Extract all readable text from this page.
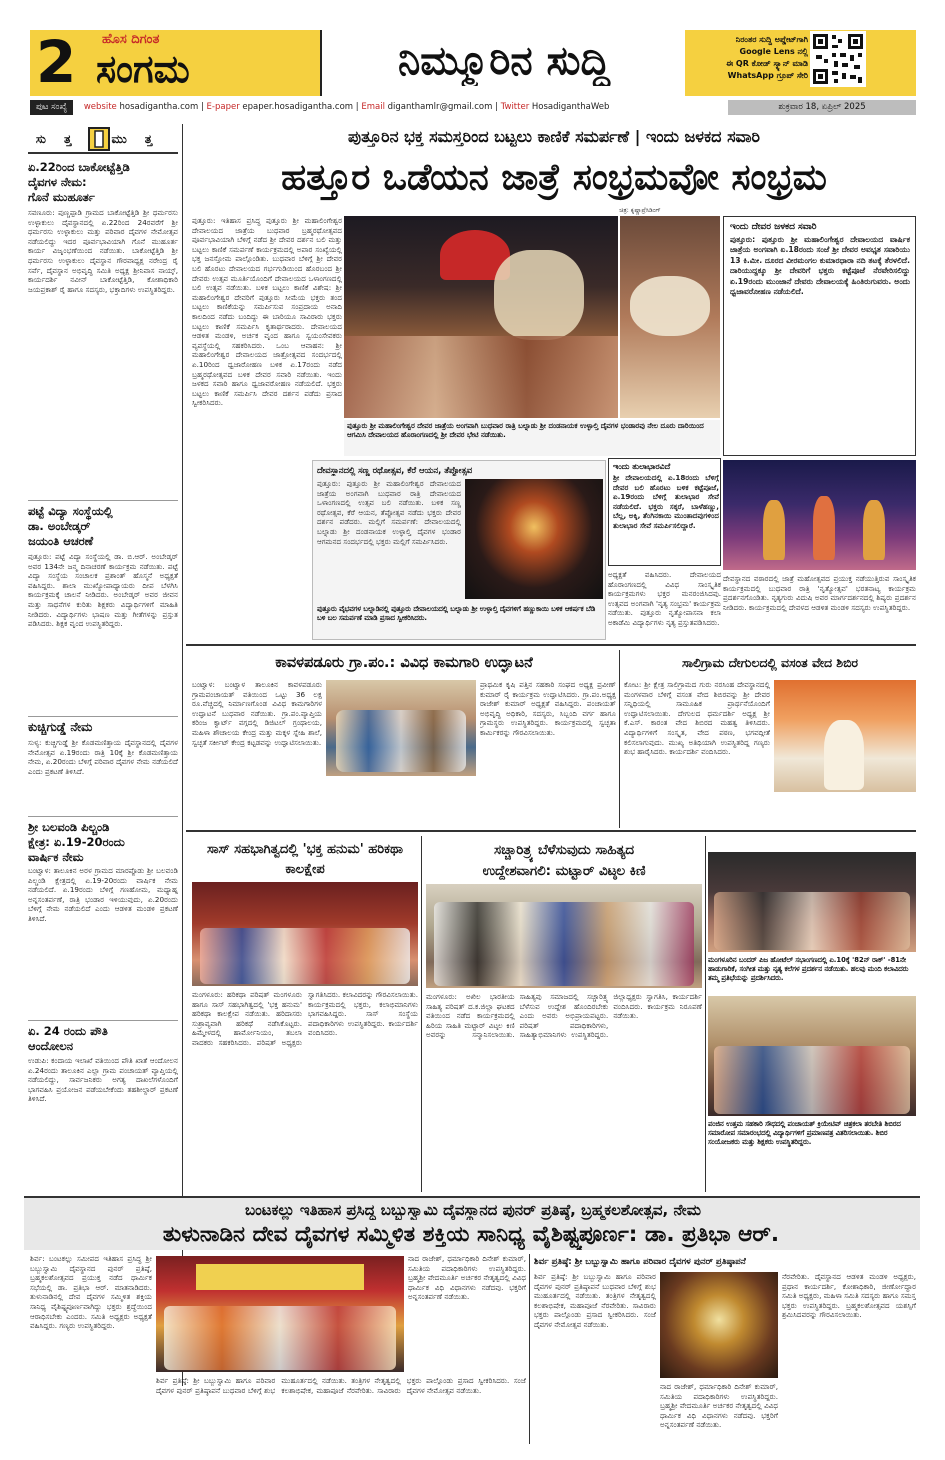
2 ಹೊಸ ದಿಗಂತ
ಸಂಗಮ	ನಿಮ್ಮೂರಿನ ಸುದ್ದಿ	ನಿರಂತರ ಸುದ್ದಿ ಅಪ್ಡೇಟ್‌ಗಾಗಿ
Google Lens ನಲ್ಲಿ
ಈ QR ಕೋಡ್ ಸ್ಕ್ಯಾನ್ ಮಾಡಿ
WhatsApp ಗ್ರೂಪ್ ಸೇರಿ
ಪುಟ ಸಂಖ್ಯೆ website hosadigantha.com | E-paper epaper.hosadigantha.com | Email diganthamlr@gmail.com | Twitter HosadiganthaWeb	ಶುಕ್ರವಾರ 18, ಏಪ್ರಿಲ್ 2025
ಸುತ್ತ ಮುತ್ತ
ಏ.22ರಿಂದ ಬಾಕೋಟ್ಟೆತ್ತಿಡಿ
ದೈವಗಳ ನೇಮ:
ಗೊನೆ ಮುಹೂರ್ತ
ಸವಣೂರು: ಪುಣ್ಚಪ್ಪಾಡಿ ಗ್ರಾಮದ ಬಾಕೋಟ್ಟೆತ್ತಿಡಿ ಶ್ರೀ ಧರ್ಮರಸು ಉಳ್ಳಾಕುಲು ದೈವಸ್ಥಾನದಲ್ಲಿ ಏ.22ರಿಂದ 24ರವರೆಗೆ ಶ್ರೀ ಧರ್ಮರಸು ಉಳ್ಳಾಕುಲು ಮತ್ತು ಪರಿವಾರ ದೈವಗಳ ನೇಮೋತ್ಸವ ನಡೆಯಲಿದ್ದು ಇದರ ಪೂರ್ವಭಾವಿಯಾಗಿ ಗೊನೆ ಮುಹೂರ್ತ ಕಾರ್ಯ ವಿಜೃಂಭಣೆಯಿಂದ ನಡೆಯಿತು. ಬಾಕೋಟ್ಟೆತ್ತಿಡಿ ಶ್ರೀ ಧರ್ಮರಸು ಉಳ್ಳಾಕುಲು ದೈವಸ್ಥಾನ ಗೌರವಾಧ್ಯಕ್ಷ ನರೇಂದ್ರ ರೈ ಸರ್ವೆ, ದೈವಸ್ಥಾನ ಅಭಿವೃದ್ಧಿ ಸಮಿತಿ ಅಧ್ಯಕ್ಷ ಶ್ರೀನಿವಾಸ ನಾಯ್ಕ್, ಕಾರ್ಯದರ್ಶಿ ನವೀನ್ ಬಾಕೋಟ್ಟೆತ್ತಿಡಿ, ಕೋಶಾಧಿಕಾರಿ ಜಯಪ್ರಕಾಶ್ ರೈ ಹಾಗೂ ಸದಸ್ಯರು, ಭಕ್ತಾದಿಗಳು ಉಪಸ್ಥಿತರಿದ್ದರು.
ಪಟ್ಟೆ ವಿದ್ಯಾ ಸಂಸ್ಥೆಯಲ್ಲಿ
ಡಾ. ಅಂಬೇಡ್ಕರ್
ಜಯಂತಿ ಆಚರಣೆ
ಪುತ್ತೂರು: ಪಟ್ಟೆ ವಿದ್ಯಾ ಸಂಸ್ಥೆಯಲ್ಲಿ ಡಾ. ಬಿ.ಆರ್. ಅಂಬೇಡ್ಕರ್ ಅವರ 134ನೇ ಜನ್ಮ ದಿನಾಚರಣೆ ಕಾರ್ಯಕ್ರಮ ನಡೆಯಿತು. ಪಟ್ಟೆ ವಿದ್ಯಾ ಸಂಸ್ಥೆಯ ಸಂಚಾಲಕ ಪ್ರಶಾಂತ್ ಹೊಸ್ಮನೆ ಅಧ್ಯಕ್ಷತೆ ವಹಿಸಿದ್ದರು. ಶಾಲಾ ಮುಖ್ಯೋಪಾಧ್ಯಾಯರು ದೀಪ ಬೆಳಗಿಸಿ ಕಾರ್ಯಕ್ರಮಕ್ಕೆ ಚಾಲನೆ ನೀಡಿದರು. ಅಂಬೇಡ್ಕರ್ ಅವರ ಜೀವನ ಮತ್ತು ಸಾಧನೆಗಳ ಕುರಿತು ಶಿಕ್ಷಕರು ವಿದ್ಯಾರ್ಥಿಗಳಿಗೆ ಮಾಹಿತಿ ನೀಡಿದರು. ವಿದ್ಯಾರ್ಥಿಗಳು ಭಾಷಣ ಮತ್ತು ಗೀತೆಗಳನ್ನು ಪ್ರಸ್ತುತ ಪಡಿಸಿದರು. ಶಿಕ್ಷಕ ವೃಂದ ಉಪಸ್ಥಿತರಿದ್ದರು.
ಕುಚ್ಚಿಗುಡ್ಡೆ ನೇಮ
ಸುಳ್ಯ: ಕುಚ್ಚಿಗುಡ್ಡೆ ಶ್ರೀ ಕೊಡಮಣಿತ್ತಾಯ ದೈವಸ್ಥಾನದಲ್ಲಿ ದೈವಗಳ ನೇಮೋತ್ಸವ ಏ.19ರಂದು ರಾತ್ರಿ 10ಕ್ಕೆ ಶ್ರೀ ಕೊಡಮಣಿತ್ತಾಯ ನೇಮ, ಏ.20ರಂದು ಬೆಳಿಗ್ಗೆ ಪರಿವಾರ ದೈವಗಳ ನೇಮ ನಡೆಯಲಿದೆ ಎಂದು ಪ್ರಕಟಣೆ ತಿಳಿಸಿದೆ.
ಶ್ರೀ ಬಲವಂಡಿ ಪಿಲ್ಚಂಡಿ
ಕ್ಷೇತ್ರ: ಏ.19-20ರಂದು
ವಾರ್ಷಿಕ ನೇಮ
ಬಂಟ್ವಾಳ: ತಾಲೂಕಿನ ಅರಳ ಗ್ರಾಮದ ಮಾರಪ್ಪೊಡು ಶ್ರೀ ಬಲವಂಡಿ ಪಿಲ್ಚಂಡಿ ಕ್ಷೇತ್ರದಲ್ಲಿ ಏ.19-20ರಂದು ವಾರ್ಷಿಕ ನೇಮ ನಡೆಯಲಿದೆ. ಏ.19ರಂದು ಬೆಳಿಗ್ಗೆ ಗಣಹೋಮ, ಮಧ್ಯಾಹ್ನ ಅನ್ನಸಂತರ್ಪಣೆ, ರಾತ್ರಿ ಭಂಡಾರ ಇಳಿಯುವುದು, ಏ.20ರಂದು ಬೆಳಿಗ್ಗೆ ನೇಮ ನಡೆಯಲಿದೆ ಎಂದು ಆಡಳಿತ ಮಂಡಳಿ ಪ್ರಕಟಣೆ ತಿಳಿಸಿದೆ.
ಏ. 24 ರಂದು ಪೌತಿ
ಆಂದೋಲನ
ಉಡುಪಿ: ಕಂದಾಯ ಇಲಾಖೆ ವತಿಯಿಂದ ಪೌತಿ ಖಾತೆ ಆಂದೋಲನ ಏ.24ರಂದು ತಾಲೂಕಿನ ಎಲ್ಲಾ ಗ್ರಾಮ ಪಂಚಾಯತ್ ವ್ಯಾಪ್ತಿಯಲ್ಲಿ ನಡೆಯಲಿದ್ದು, ಸಾರ್ವಜನಿಕರು ಅಗತ್ಯ ದಾಖಲೆಗಳೊಂದಿಗೆ ಭಾಗವಹಿಸಿ ಪ್ರಯೋಜನ ಪಡೆಯಬೇಕೆಂದು ತಹಶೀಲ್ದಾರ್ ಪ್ರಕಟಣೆ ತಿಳಿಸಿದೆ.
ಪುತ್ತೂರಿನ ಭಕ್ತ ಸಮಸ್ತರಿಂದ ಬಟ್ಟಲು ಕಾಣಿಕೆ ಸಮರ್ಪಣೆ | ಇಂದು ಜಳಕದ ಸವಾರಿ
ಹತ್ತೂರ ಒಡೆಯನ ಜಾತ್ರೆ ಸಂಭ್ರಮವೋ ಸಂಭ್ರಮ
ಚಿತ್ರ: ಕೃಷ್ಣಾಪ್ರೆಸಿಡಿಂಗ್
ಪುತ್ತೂರು: ಇತಿಹಾಸ ಪ್ರಸಿದ್ಧ ಪುತ್ತೂರು ಶ್ರೀ ಮಹಾಲಿಂಗೇಶ್ವರ ದೇವಾಲಯದ ಜಾತ್ರೆಯ ಬುಧವಾರ ಬ್ರಹ್ಮರಥೋತ್ಸವದ ಪೂರ್ವಭಾವಿಯಾಗಿ ಬೆಳಿಗ್ಗೆ ನಡೆದ ಶ್ರೀ ದೇವರ ದರ್ಶನ ಬಲಿ ಮತ್ತು ಬಟ್ಟಲು ಕಾಣಿಕೆ ಸಮರ್ಪಣೆ ಕಾರ್ಯಕ್ರಮದಲ್ಲಿ ಅಪಾರ ಸಂಖ್ಯೆಯಲ್ಲಿ ಭಕ್ತ ಜನಸ್ತೋಮ ಪಾಲ್ಗೊಂಡಿತು. ಬುಧವಾರ ಬೆಳಿಗ್ಗೆ ಶ್ರೀ ದೇವರ ಬಲಿ ಹೊರಟು ದೇವಾಲಯದ ಗರ್ಭಗುಡಿಯಿಂದ ಹೊರಬಂದ ಶ್ರೀ ದೇವರು ಉತ್ಸವ ಮೂರ್ತಿಯೊಂದಿಗೆ ದೇವಾಲಯದ ಒಳಾಂಗಣದಲ್ಲಿ ಬಲಿ ಉತ್ಸವ ನಡೆಯಿತು. ಬಳಿಕ ಬಟ್ಟಲು ಕಾಣಿಕೆ ವಿಶೇಷ: ಶ್ರೀ ಮಹಾಲಿಂಗೇಶ್ವರ ದೇವರಿಗೆ ಪುತ್ತೂರು ಸೀಮೆಯ ಭಕ್ತರು ತಂದ ಬಟ್ಟಲು ಕಾಣಿಕೆಯನ್ನು ಸಮರ್ಪಿಸುವ ಸಂಪ್ರದಾಯ ಅನಾದಿ ಕಾಲದಿಂದ ನಡೆದು ಬಂದಿದ್ದು ಈ ಬಾರಿಯೂ ಸಾವಿರಾರು ಭಕ್ತರು ಬಟ್ಟಲು ಕಾಣಿಕೆ ಸಮರ್ಪಿಸಿ ಕೃತಾರ್ಥರಾದರು. ದೇವಾಲಯದ ಆಡಳಿತ ಮಂಡಳಿ, ಅರ್ಚಕ ವೃಂದ ಹಾಗೂ ಸ್ವಯಂಸೇವಕರು ವ್ಯವಸ್ಥೆಯಲ್ಲಿ ಸಹಕರಿಸಿದರು. ಒಂಬ ಆವಾಹನ: ಶ್ರೀ ಮಹಾಲಿಂಗೇಶ್ವರ ದೇವಾಲಯದ ಜಾತ್ರೋತ್ಸವದ ಸಂದರ್ಭದಲ್ಲಿ ಏ.10ರಿಂದ ಧ್ವಜಾರೋಹಣ ಬಳಿಕ ಏ.17ರಂದು ನಡೆದ ಬ್ರಹ್ಮರಥೋತ್ಸವದ ಬಳಿಕ ದೇವರ ಸವಾರಿ ನಡೆಯಿತು. ಇಂದು ಜಳಕದ ಸವಾರಿ ಹಾಗೂ ಧ್ವಜಾವರೋಹಣ ನಡೆಯಲಿದೆ. ಭಕ್ತರು ಬಟ್ಟಲು ಕಾಣಿಕೆ ಸಮರ್ಪಿಸಿ ದೇವರ ದರ್ಶನ ಪಡೆದು ಪ್ರಸಾದ ಸ್ವೀಕರಿಸಿದರು.
ಪುತ್ತೂರು ಶ್ರೀ ಮಹಾಲಿಂಗೇಶ್ವರ ದೇವರ ಜಾತ್ರೆಯ ಅಂಗವಾಗಿ ಬುಧವಾರ ರಾತ್ರಿ ಬಲ್ನಾಡು ಶ್ರೀ ದಂಡನಾಯಕ ಉಳ್ಳಾಲ್ತಿ ದೈವಗಳ ಭಂಡಾರವು ನೇಲ ದೂರು ದಾರಿಯಿಂದ ಆಗಮಿಸಿ ದೇವಾಲಯದ ಹೊರಾಂಗಣದಲ್ಲಿ ಶ್ರೀ ದೇವರ ಭೇಟಿ ನಡೆಯಿತು.
ಇಂದು ದೇವರ ಜಳಕದ ಸವಾರಿ
ಪುತ್ತೂರು: ಪುತ್ತೂರು ಶ್ರೀ ಮಹಾಲಿಂಗೇಶ್ವರ ದೇವಾಲಯದ ವಾರ್ಷಿಕ ಜಾತ್ರೆಯ ಅಂಗವಾಗಿ ಏ.18ರಂದು ಸಂಜೆ ಶ್ರೀ ದೇವರ ಅವಭೃತ ಸವಾರಿಯು 13 ಕಿ.ಮೀ. ದೂರದ ವೀರಮಂಗಲ ಕುಮಾರಧಾರಾ ನದಿ ತಟಕ್ಕೆ ತೆರಳಲಿದೆ. ದಾರಿಯುದ್ದಕ್ಕೂ ಶ್ರೀ ದೇವರಿಗೆ ಭಕ್ತರು ಕಟ್ಟೆಪೂಜೆ ನೆರವೇರಿಸಲಿದ್ದು ಏ.19ರಂದು ಮುಂಜಾನೆ ದೇವರು ದೇವಾಲಯಕ್ಕೆ ಹಿಂತಿರುಗುವರು. ಅಂದು ಧ್ವಜಾವರೋಹಣ ನಡೆಯಲಿದೆ.
ದೇವಸ್ಥಾನದಲ್ಲಿ ಸಣ್ಣ ರಥೋತ್ಸವ, ಕೆರೆ ಆಯನ, ತೆಪ್ಪೋತ್ಸವ
ಪುತ್ತೂರು: ಪುತ್ತೂರು ಶ್ರೀ ಮಹಾಲಿಂಗೇಶ್ವರ ದೇವಾಲಯದ ಜಾತ್ರೆಯ ಅಂಗವಾಗಿ ಬುಧವಾರ ರಾತ್ರಿ ದೇವಾಲಯದ ಒಳಾಂಗಣದಲ್ಲಿ ಉತ್ಸವ ಬಲಿ ನಡೆಯಿತು. ಬಳಿಕ ಸಣ್ಣ ರಥೋತ್ಸವ, ಕೆರೆ ಆಯನ, ತೆಪ್ಪೋತ್ಸವ ನಡೆದು ಭಕ್ತರು ದೇವರ ದರ್ಶನ ಪಡೆದರು. ಮಲ್ಲಿಗೆ ಸಮರ್ಪಣೆ: ದೇವಾಲಯದಲ್ಲಿ ಬಲ್ನಾಡು ಶ್ರೀ ದಂಡನಾಯಕ ಉಳ್ಳಾಲ್ತಿ ದೈವಗಳ ಭಂಡಾರ ಆಗಮನದ ಸಂದರ್ಭದಲ್ಲಿ ಭಕ್ತರು ಮಲ್ಲಿಗೆ ಸಮರ್ಪಿಸಿದರು.
ಪುತ್ತೂರು ವೈಭವಗಳ ಬಲ್ನಾಡಿನಲ್ಲಿ ಪುತ್ತೂರು ದೇವಾಲಯದಲ್ಲಿ ಬಲ್ನಾಡು ಶ್ರೀ ಉಳ್ಳಾಲ್ತಿ ದೈವಗಳಿಗೆ ಹಣ್ಣುಕಾಯಿ ಬಳಿಕ ಆಕರ್ಷಕ ಬೆಡಿ ಬಳಿ ಬಲ ಸಮರ್ಪಣೆ ಮಾಡಿ ಪ್ರಸಾದ ಸ್ವೀಕರಿಸಿದರು.
ಇಂದು ತುಲಾಭಾರವಿದೆ
ಶ್ರೀ ದೇವಾಲಯದಲ್ಲಿ ಏ.18ರಂದು ಬೆಳಿಗ್ಗೆ ದೇವರ ಬಲಿ ಹೊರಟು ಬಳಿಕ ಕಟ್ಟೆಪೂಜೆ, ಏ.19ರಂದು ಬೆಳಿಗ್ಗೆ ತುಲಾಭಾರ ಸೇವೆ ನಡೆಯಲಿದೆ. ಭಕ್ತರು ಸಕ್ಕರೆ, ಬಾಳೆಹಣ್ಣು, ಬೆಲ್ಲ, ಅಕ್ಕಿ, ತೆಂಗಿನಕಾಯಿ ಮುಂತಾದವುಗಳಿಂದ ತುಲಾಭಾರ ಸೇವೆ ಸಮರ್ಪಿಸಲಿದ್ದಾರೆ.
ಅಧ್ಯಕ್ಷತೆ ವಹಿಸಿದರು. ದೇವಾಲಯದ ಹೊರಾಂಗಣದಲ್ಲಿ ವಿವಿಧ ಸಾಂಸ್ಕೃತಿಕ ಕಾರ್ಯಕ್ರಮಗಳು ಭಕ್ತರ ಮನರಂಜಿಸಿದವು. ಉತ್ಸವದ ಅಂಗವಾಗಿ 'ನೃತ್ಯ ಸಂಭ್ರಮ' ಕಾರ್ಯಕ್ರಮ ನಡೆಯಿತು. ಪುತ್ತೂರು ನೃತ್ಯೋಪಾಸನಾ ಕಲಾ ಅಕಾಡೆಮಿ ವಿದ್ಯಾರ್ಥಿಗಳು ನೃತ್ಯ ಪ್ರಸ್ತುತಪಡಿಸಿದರು.
ದೇವಸ್ಥಾನದ ವಠಾರದಲ್ಲಿ ಜಾತ್ರೆ ಮಹೋತ್ಸವದ ಪ್ರಯುಕ್ತ ನಡೆಯುತ್ತಿರುವ ಸಾಂಸ್ಕೃತಿಕ ಕಾರ್ಯಕ್ರಮದಲ್ಲಿ ಬುಧವಾರ ರಾತ್ರಿ 'ನೃತ್ಯೋತ್ಸವ' ಭರತನಾಟ್ಯ ಕಾರ್ಯಕ್ರಮ ಪ್ರದರ್ಶನಗೊಂಡಿತು. ನೃತ್ಯಗುರು ವಿದುಷಿ ಅವರ ಮಾರ್ಗದರ್ಶನದಲ್ಲಿ ಶಿಷ್ಯರು ಪ್ರದರ್ಶನ ನೀಡಿದರು. ಕಾರ್ಯಕ್ರಮದಲ್ಲಿ ದೇವಳದ ಆಡಳಿತ ಮಂಡಳಿ ಸದಸ್ಯರು ಉಪಸ್ಥಿತರಿದ್ದರು.
ಕಾವಳಪಡೂರು ಗ್ರಾ.ಪಂ.: ವಿವಿಧ ಕಾಮಗಾರಿ ಉದ್ಘಾಟನೆ
ಬಂಟ್ವಾಳ: ಬಂಟ್ವಾಳ ತಾಲೂಕಿನ ಕಾವಳಪಡೂರು ಗ್ರಾಮಪಂಚಾಯತ್ ವತಿಯಿಂದ ಒಟ್ಟು 36 ಲಕ್ಷ ರೂ.ವೆಚ್ಚದಲ್ಲಿ ನಿರ್ಮಾಣಗೊಂಡ ವಿವಿಧ ಕಾಮಗಾರಿಗಳ ಉದ್ಘಾಟನೆ ಬುಧವಾರ ನಡೆಯಿತು. ಗ್ರಾ.ಪಂ.ವ್ಯಾಪ್ತಿಯ ಕರಿಂಜ ಕ್ವಾರ್ಟ್ ವಗ್ಗದಲ್ಲಿ ಡಿಜಿಟಲ್ ಗ್ರಂಥಾಲಯ, ಮಹಿಳಾ ಶೌಚಾಲಯ ಕೇಂದ್ರ ಮತ್ತು ಮಕ್ಕಳ ಸ್ನೇಹಿ ಶಾಲೆ, ಸ್ವಚ್ಛತೆ ಸರ್ಕೀಟ್ ಕೇಂದ್ರ ಕಟ್ಟಡವನ್ನು ಉದ್ಘಾಟಿಸಲಾಯಿತು.
ಪ್ರಾಥಮಿಕ ಕೃಷಿ ಪತ್ತಿನ ಸಹಕಾರಿ ಸಂಘದ ಅಧ್ಯಕ್ಷ ಪ್ರವೀಣ್ ಕುಮಾರ್ ರೈ ಕಾರ್ಯಕ್ರಮ ಉದ್ಘಾಟಿಸಿದರು. ಗ್ರಾ.ಪಂ.ಅಧ್ಯಕ್ಷ ರಾಜೇಶ್ ಕುಮಾರ್ ಅಧ್ಯಕ್ಷತೆ ವಹಿಸಿದ್ದರು. ಪಂಚಾಯತ್ ಅಭಿವೃದ್ಧಿ ಅಧಿಕಾರಿ, ಸದಸ್ಯರು, ಸಿಬ್ಬಂದಿ ವರ್ಗ ಹಾಗೂ ಗ್ರಾಮಸ್ಥರು ಉಪಸ್ಥಿತರಿದ್ದರು. ಕಾರ್ಯಕ್ರಮದಲ್ಲಿ ಸ್ವಚ್ಛತಾ ಕಾರ್ಮಿಕರನ್ನು ಗೌರವಿಸಲಾಯಿತು.
ಸಾಲಿಗ್ರಾಮ ದೇಗುಲದಲ್ಲಿ ವಸಂತ ವೇದ ಶಿಬಿರ
ಕೋಟ: ಶ್ರೀ ಕ್ಷೇತ್ರ ಸಾಲಿಗ್ರಾಮದ ಗುರು ನರಸಿಂಹ ದೇವಸ್ಥಾನದಲ್ಲಿ ಮಂಗಳವಾರ ಬೆಳಿಗ್ಗೆ ವಸಂತ ವೇದ ಶಿಬಿರವನ್ನು ಶ್ರೀ ದೇವರ ಸನ್ನಿಧಿಯಲ್ಲಿ ಸಾಮೂಹಿಕ ಪ್ರಾರ್ಥನೆಯೊಂದಿಗೆ ಉದ್ಘಾಟಿಸಲಾಯಿತು. ದೇಗುಲದ ಧರ್ಮದರ್ಶಿ ಅಧ್ಯಕ್ಷ ಶ್ರೀ ಕೆ.ಎಸ್. ಕಾರಂತ ವೇದ ಶಿಬಿರದ ಮಹತ್ವ ತಿಳಿಸಿದರು. ವಿದ್ಯಾರ್ಥಿಗಳಿಗೆ ಸಂಸ್ಕೃತ, ವೇದ ಪಠಣ, ಭಗವದ್ಗೀತೆ ಕಲಿಸಲಾಗುವುದು. ಮುಖ್ಯ ಅತಿಥಿಯಾಗಿ ಉಪಸ್ಥಿತರಿದ್ದ ಗಣ್ಯರು ಶುಭ ಹಾರೈಸಿದರು. ಕಾರ್ಯದರ್ಶಿ ವಂದಿಸಿದರು.
ಸಾಸ್ ಸಹಭಾಗಿತ್ವದಲ್ಲಿ 'ಭಕ್ತ ಹನುಮ' ಹರಿಕಥಾ ಕಾಲಕ್ಷೇಪ
ಮಂಗಳೂರು: ಹರಿಕಥಾ ಪರಿಷತ್ ಮಂಗಳೂರು ಹಾಗೂ ಸಾಸ್ ಸಹಭಾಗಿತ್ವದಲ್ಲಿ 'ಭಕ್ತ ಹನುಮ' ಹರಿಕಥಾ ಕಾಲಕ್ಷೇಪ ನಡೆಯಿತು. ಹರಿದಾಸರು ಸುಶ್ರಾವ್ಯವಾಗಿ ಹರಿಕಥೆ ನಡೆಸಿಕೊಟ್ಟರು. ಹಿಮ್ಮೇಳದಲ್ಲಿ ಹಾರ್ಮೋನಿಯಂ, ತಬಲಾ ವಾದಕರು ಸಹಕರಿಸಿದರು. ಪರಿಷತ್ ಅಧ್ಯಕ್ಷರು ಸ್ವಾಗತಿಸಿದರು. ಕಲಾವಿದರನ್ನು ಗೌರವಿಸಲಾಯಿತು. ಕಾರ್ಯಕ್ರಮದಲ್ಲಿ ಭಕ್ತರು, ಕಲಾಭಿಮಾನಿಗಳು ಭಾಗವಹಿಸಿದ್ದರು. ಸಾಸ್ ಸಂಸ್ಥೆಯ ಪದಾಧಿಕಾರಿಗಳು ಉಪಸ್ಥಿತರಿದ್ದರು. ಕಾರ್ಯದರ್ಶಿ ವಂದಿಸಿದರು.
ಸಚ್ಚಾರಿತ್ರ್ಯ ಬೆಳೆಸುವುದು ಸಾಹಿತ್ಯದ
ಉದ್ದೇಶವಾಗಲಿ: ಮಟ್ಟಾರ್ ವಿಟ್ಠಲ ಕಿಣಿ
ಮಂಗಳೂರು: ಅಖಿಲ ಭಾರತೀಯ ಸಾಹಿತ್ಯ ಪರಿಷತ್ ದ.ಕ.ಜಿಲ್ಲಾ ಘಟಕದ ವತಿಯಿಂದ ನಡೆದ ಕಾರ್ಯಕ್ರಮದಲ್ಲಿ ಹಿರಿಯ ಸಾಹಿತಿ ಮಟ್ಟಾರ್ ವಿಟ್ಠಲ ಕಿಣಿ ಅವರನ್ನು ಸನ್ಮಾನಿಸಲಾಯಿತು. ಸಾಹಿತ್ಯವು ಸಮಾಜದಲ್ಲಿ ಸಚ್ಚಾರಿತ್ರ್ಯ ಬೆಳೆಸುವ ಉದ್ದೇಶ ಹೊಂದಿರಬೇಕು ಎಂದು ಅವರು ಅಭಿಪ್ರಾಯಪಟ್ಟರು. ಪರಿಷತ್ ಪದಾಧಿಕಾರಿಗಳು, ಸಾಹಿತ್ಯಾಭಿಮಾನಿಗಳು ಉಪಸ್ಥಿತರಿದ್ದರು. ಜಿಲ್ಲಾಧ್ಯಕ್ಷರು ಸ್ವಾಗತಿಸಿ, ಕಾರ್ಯದರ್ಶಿ ವಂದಿಸಿದರು. ಕಾರ್ಯಕ್ರಮ ನಿರೂಪಣೆ ನಡೆಯಿತು.
ಮಂಗಳೂರಿನ ಬಂದರ್ ಪಿಜ ಹೋಟೆಲ್ ಸಭಾಂಗಣದಲ್ಲಿ ಏ.10ಕ್ಕೆ '82ನ್ ರಾಕ್' -81ನೇ ಹಾಡುಗಾರಿಕೆ, ಸಂಗೀತ ಮತ್ತು ನೃತ್ಯ ಕಲೆಗಳ ಪ್ರದರ್ಶನ ನಡೆಯಿತು. ಹಲವು ಮಂದಿ ಕಲಾವಿದರು ತಮ್ಮ ಪ್ರತಿಭೆಯನ್ನು ಪ್ರದರ್ಶಿಸಿದರು.
ಪಂಜಿನ ಉತ್ತಮ ಸಹಕಾರಿ ಸೌಧದಲ್ಲಿ ಪಂಚಾಯತ್ ಕ್ರಿಯೇಟಿವ್ ಚಿತ್ರಕಲಾ ತರಬೇತಿ ಶಿಬಿರದ ಸಮಾರೋಪ ಸಮಾರಂಭದಲ್ಲಿ ವಿದ್ಯಾರ್ಥಿಗಳಿಗೆ ಪ್ರಮಾಣಪತ್ರ ವಿತರಿಸಲಾಯಿತು. ಶಿಬಿರ ಸಂಯೋಜಕರು ಮತ್ತು ಶಿಕ್ಷಕರು ಉಪಸ್ಥಿತರಿದ್ದರು.
ಬಂಟಕಲ್ಲು ಇತಿಹಾಸ ಪ್ರಸಿದ್ಧ ಬಬ್ಬುಸ್ವಾಮಿ ದೈವಸ್ಥಾನದ ಪುನರ್ ಪ್ರತಿಷ್ಠೆ, ಬ್ರಹ್ಮಕಲಶೋತ್ಸವ, ನೇಮ
ತುಳುನಾಡಿನ ದೇವ ದೈವಗಳ ಸಮ್ಮಿಳಿತ ಶಕ್ತಿಯ ಸಾನಿಧ್ಯ ವೈಶಿಷ್ಟ್ಯಪೂರ್ಣ: ಡಾ. ಪ್ರತಿಭಾ ಆರ್.
ಶಿರ್ವ: ಬಂಟಕಲ್ಲು ಸಮೀಪದ ಇತಿಹಾಸ ಪ್ರಸಿದ್ಧ ಶ್ರೀ ಬಬ್ಬುಸ್ವಾಮಿ ದೈವಸ್ಥಾನದ ಪುನರ್ ಪ್ರತಿಷ್ಠೆ, ಬ್ರಹ್ಮಕಲಶೋತ್ಸವದ ಪ್ರಯುಕ್ತ ನಡೆದ ಧಾರ್ಮಿಕ ಸಭೆಯಲ್ಲಿ ಡಾ. ಪ್ರತಿಭಾ ಆರ್. ಮಾತನಾಡಿದರು. ತುಳುನಾಡಿನಲ್ಲಿ ದೇವ ದೈವಗಳ ಸಮ್ಮಿಳಿತ ಶಕ್ತಿಯ ಸಾನಿಧ್ಯ ವೈಶಿಷ್ಟ್ಯಪೂರ್ಣವಾಗಿದ್ದು ಭಕ್ತರು ಶ್ರದ್ಧೆಯಿಂದ ಆರಾಧಿಸಬೇಕು ಎಂದರು. ಸಮಿತಿ ಅಧ್ಯಕ್ಷರು ಅಧ್ಯಕ್ಷತೆ ವಹಿಸಿದ್ದರು. ಗಣ್ಯರು ಉಪಸ್ಥಿತರಿದ್ದರು.
ನಾದ ರಾಜೇಶ್, ಧರ್ಮಾಧಿಕಾರಿ ದಿನೇಶ್ ಕುಮಾರ್, ಸಮಿತಿಯ ಪದಾಧಿಕಾರಿಗಳು ಉಪಸ್ಥಿತರಿದ್ದರು. ಬ್ರಹ್ಮಶ್ರೀ ವೇದಮೂರ್ತಿ ಅರ್ಚಕರ ನೇತೃತ್ವದಲ್ಲಿ ವಿವಿಧ ಧಾರ್ಮಿಕ ವಿಧಿ ವಿಧಾನಗಳು ನಡೆದವು. ಭಕ್ತರಿಗೆ ಅನ್ನಸಂತರ್ಪಣೆ ನಡೆಯಿತು.
ಶಿರ್ವ ಪ್ರತಿಷ್ಠೆ: ಶ್ರೀ ಬಬ್ಬುಸ್ವಾಮಿ ಹಾಗೂ ಪರಿವಾರ ದೈವಗಳ ಪುನರ್ ಪ್ರತಿಷ್ಠಾಪನೆ ಬುಧವಾರ ಬೆಳಿಗ್ಗೆ ಶುಭ ಮುಹೂರ್ತದಲ್ಲಿ ನಡೆಯಿತು. ತಂತ್ರಿಗಳ ನೇತೃತ್ವದಲ್ಲಿ ಕಲಶಾಭಿಷೇಕ, ಮಹಾಪೂಜೆ ನೆರವೇರಿತು. ಸಾವಿರಾರು ಭಕ್ತರು ಪಾಲ್ಗೊಂಡು ಪ್ರಸಾದ ಸ್ವೀಕರಿಸಿದರು. ಸಂಜೆ ದೈವಗಳ ನೇಮೋತ್ಸವ ನಡೆಯಿತು.
ಶಿರ್ವ ಪ್ರತಿಷ್ಠೆ: ಶ್ರೀ ಬಬ್ಬುಸ್ವಾಮಿ ಹಾಗೂ ಪರಿವಾರ ದೈವಗಳ ಪುನರ್ ಪ್ರತಿಷ್ಠಾಪನೆ
ಶಿರ್ವ ಪ್ರತಿಷ್ಠೆ: ಶ್ರೀ ಬಬ್ಬುಸ್ವಾಮಿ ಹಾಗೂ ಪರಿವಾರ ದೈವಗಳ ಪುನರ್ ಪ್ರತಿಷ್ಠಾಪನೆ ಬುಧವಾರ ಬೆಳಿಗ್ಗೆ ಶುಭ ಮುಹೂರ್ತದಲ್ಲಿ ನಡೆಯಿತು. ತಂತ್ರಿಗಳ ನೇತೃತ್ವದಲ್ಲಿ ಕಲಶಾಭಿಷೇಕ, ಮಹಾಪೂಜೆ ನೆರವೇರಿತು. ಸಾವಿರಾರು ಭಕ್ತರು ಪಾಲ್ಗೊಂಡು ಪ್ರಸಾದ ಸ್ವೀಕರಿಸಿದರು. ಸಂಜೆ ದೈವಗಳ ನೇಮೋತ್ಸವ ನಡೆಯಿತು.
ನೆರವೇರಿತು. ದೈವಸ್ಥಾನದ ಆಡಳಿತ ಮಂಡಳಿ ಅಧ್ಯಕ್ಷರು, ಪ್ರಧಾನ ಕಾರ್ಯದರ್ಶಿ, ಕೋಶಾಧಿಕಾರಿ, ಜೀರ್ಣೋದ್ಧಾರ ಸಮಿತಿ ಅಧ್ಯಕ್ಷರು, ಮಹಿಳಾ ಸಮಿತಿ ಸದಸ್ಯರು ಹಾಗೂ ಸಮಸ್ತ ಭಕ್ತರು ಉಪಸ್ಥಿತರಿದ್ದರು. ಬ್ರಹ್ಮಕಲಶೋತ್ಸವದ ಯಶಸ್ಸಿಗೆ ಶ್ರಮಿಸಿದವರನ್ನು ಗೌರವಿಸಲಾಯಿತು.
ನಾದ ರಾಜೇಶ್, ಧರ್ಮಾಧಿಕಾರಿ ದಿನೇಶ್ ಕುಮಾರ್, ಸಮಿತಿಯ ಪದಾಧಿಕಾರಿಗಳು ಉಪಸ್ಥಿತರಿದ್ದರು. ಬ್ರಹ್ಮಶ್ರೀ ವೇದಮೂರ್ತಿ ಅರ್ಚಕರ ನೇತೃತ್ವದಲ್ಲಿ ವಿವಿಧ ಧಾರ್ಮಿಕ ವಿಧಿ ವಿಧಾನಗಳು ನಡೆದವು. ಭಕ್ತರಿಗೆ ಅನ್ನಸಂತರ್ಪಣೆ ನಡೆಯಿತು.
